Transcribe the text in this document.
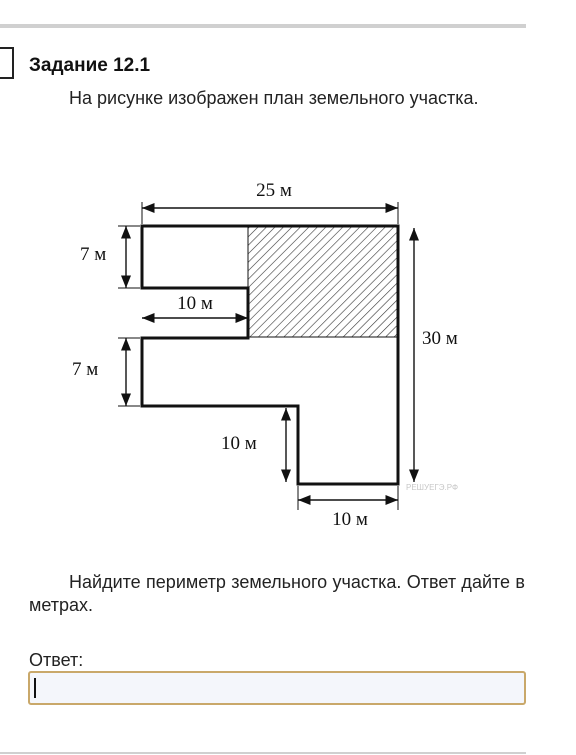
Задание 12.1

На рисунке изображен план земельного участка.

25 м
7 м
10 м
7 м
30 м
10 м
10 м
РЕШУЕГЭ.РФ

Найдите периметр земельного участка. Ответ дайте в метрах.

Ответ:
